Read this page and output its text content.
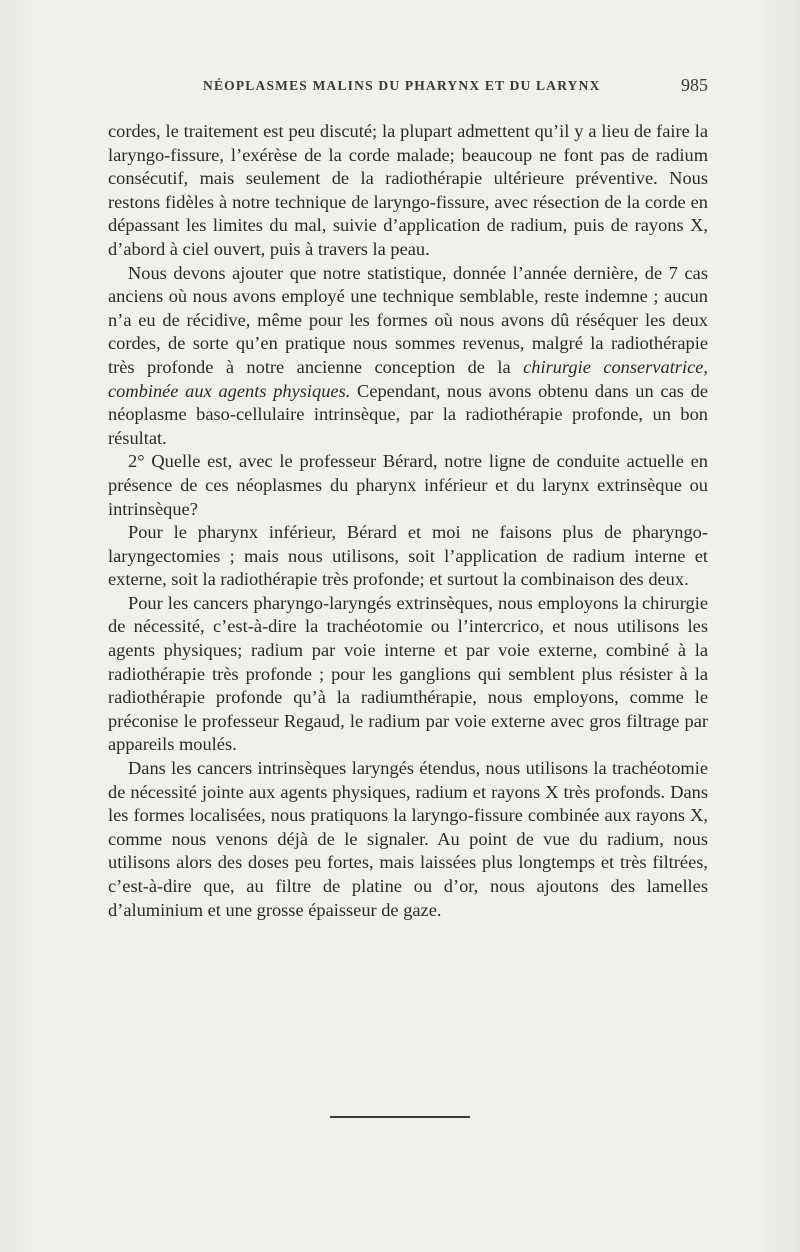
NÉOPLASMES MALINS DU PHARYNX ET DU LARYNX	985

cordes, le traitement est peu discuté; la plupart admettent qu’il y a lieu de faire la laryngo-fissure, l’exérèse de la corde malade; beaucoup ne font pas de radium consécutif, mais seulement de la radiothérapie ultérieure préventive. Nous restons fidèles à notre technique de laryngo-fissure, avec résection de la corde en dépassant les limites du mal, suivie d’application de radium, puis de rayons X, d’abord à ciel ouvert, puis à travers la peau.

Nous devons ajouter que notre statistique, donnée l’année dernière, de 7 cas anciens où nous avons employé une technique semblable, reste indemne ; aucun n’a eu de récidive, même pour les formes où nous avons dû réséquer les deux cordes, de sorte qu’en pratique nous sommes revenus, malgré la radiothérapie très profonde à notre ancienne conception de la chirurgie conservatrice, combinée aux agents physiques. Cependant, nous avons obtenu dans un cas de néoplasme baso-cellulaire intrinsèque, par la radiothérapie profonde, un bon résultat.

2° Quelle est, avec le professeur Bérard, notre ligne de conduite actuelle en présence de ces néoplasmes du pharynx inférieur et du larynx extrinsèque ou intrinsèque?

Pour le pharynx inférieur, Bérard et moi ne faisons plus de pharyngo-laryngectomies ; mais nous utilisons, soit l’application de radium interne et externe, soit la radiothérapie très profonde; et surtout la combinaison des deux.

Pour les cancers pharyngo-laryngés extrinsèques, nous employons la chirurgie de nécessité, c’est-à-dire la trachéotomie ou l’intercrico, et nous utilisons les agents physiques; radium par voie interne et par voie externe, combiné à la radiothérapie très profonde ; pour les ganglions qui semblent plus résister à la radiothérapie profonde qu’à la radiumthérapie, nous employons, comme le préconise le professeur Regaud, le radium par voie externe avec gros filtrage par appareils moulés.

Dans les cancers intrinsèques laryngés étendus, nous utilisons la trachéotomie de nécessité jointe aux agents physiques, radium et rayons X très profonds. Dans les formes localisées, nous pratiquons la laryngo-fissure combinée aux rayons X, comme nous venons déjà de le signaler. Au point de vue du radium, nous utilisons alors des doses peu fortes, mais laissées plus longtemps et très filtrées, c’est-à-dire que, au filtre de platine ou d’or, nous ajoutons des lamelles d’aluminium et une grosse épaisseur de gaze.
